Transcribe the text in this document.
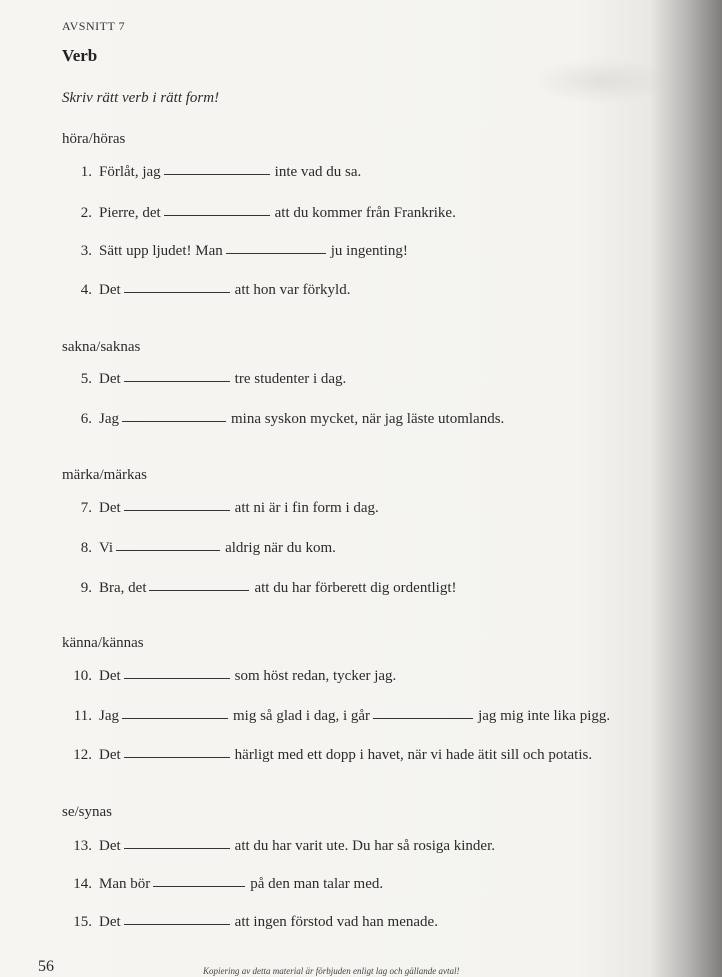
AVSNITT 7
Verb
Skriv rätt verb i rätt form!
höra/höras
1. Förlåt, jag	inte vad du sa.
2. Pierre, det	att du kommer från Frankrike.
3. Sätt upp ljudet! Man	ju ingenting!
4. Det	att hon var förkyld.
sakna/saknas
5. Det	tre studenter i dag.
6. Jag	mina syskon mycket, när jag läste utomlands.
märka/märkas
7. Det	att ni är i fin form i dag.
8. Vi	aldrig när du kom.
9. Bra, det	att du har förberett dig ordentligt!
känna/kännas
10. Det	som höst redan, tycker jag.
11. Jag	mig så glad i dag, i går	jag mig inte lika pigg.
12. Det	härligt med ett dopp i havet, när vi hade ätit sill och potatis.
se/synas
13. Det	att du har varit ute. Du har så rosiga kinder.
14. Man bör	på den man talar med.
15. Det	att ingen förstod vad han menade.
56	Kopiering av detta material är förbjuden enligt lag och gällande avtal!
